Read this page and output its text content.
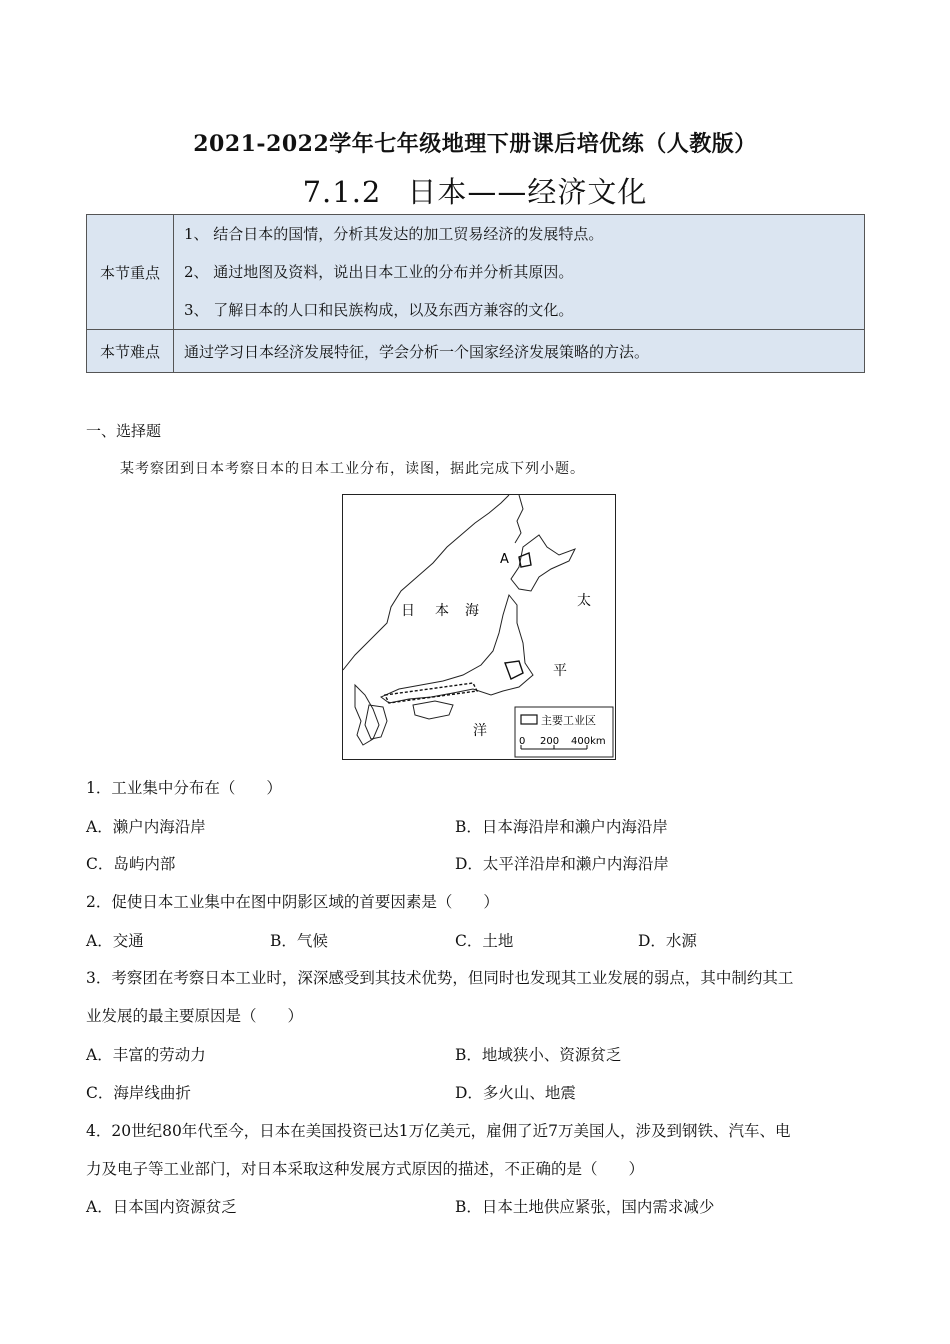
2021-2022学年七年级地理下册课后培优练（人教版）
7.1.2 日本——经济文化
本节重点	1、 结合日本的国情，分析其发达的加工贸易经济的发展特点。
2、 通过地图及资料，说出日本工业的分布并分析其原因。
3、 了解日本的人口和民族构成，以及东西方兼容的文化。

本节难点	通过学习日本经济发展特征，学会分析一个国家经济发展策略的方法。
一、选择题
某考察团到日本考察日本的日本工业分布，读图，据此完成下列小题。
A
日 本 海
太
平
洋
主要工业区
0 200 400km
1．工业集中分布在（　　）
A．濑户内海沿岸	B．日本海沿岸和濑户内海沿岸
C．岛屿内部	D．太平洋沿岸和濑户内海沿岸
2．促使日本工业集中在图中阴影区域的首要因素是（　　）
A．交通	B．气候	C．土地	D．水源
3．考察团在考察日本工业时，深深感受到其技术优势，但同时也发现其工业发展的弱点，其中制约其工
业发展的最主要原因是（　　）
A．丰富的劳动力	B．地域狭小、资源贫乏
C．海岸线曲折	D．多火山、地震
4．20世纪80年代至今，日本在美国投资已达1万亿美元，雇佣了近7万美国人，涉及到钢铁、汽车、电
力及电子等工业部门，对日本采取这种发展方式原因的描述，不正确的是（　　）
A．日本国内资源贫乏	B．日本土地供应紧张，国内需求减少
